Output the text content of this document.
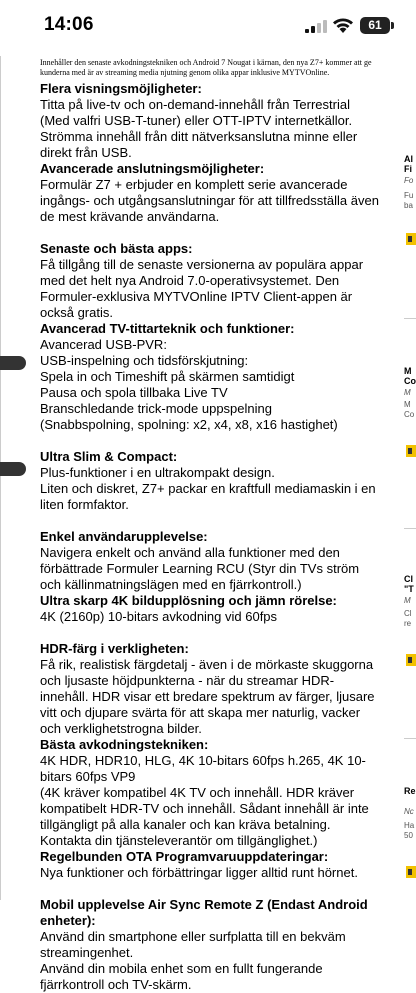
14:06	61

Innehåller den senaste avkodningstekniken och Android 7 Nougat i kärnan, den nya Z7+ kommer att ge kunderna med är av streaming media njutning genom olika appar inklusive MYTVOnline.

Flera visningsmöjligheter:

Titta på live-tv och on-demand-innehåll från Terrestrial (Med valfri USB-T-tuner) eller OTT-IPTV internetkällor. Strömma innehåll från ditt nätverksanslutna minne eller direkt från USB.

Avancerade anslutningsmöjligheter:

Formulär Z7 + erbjuder en komplett serie avancerade ingångs- och utgångsanslutningar för att tillfredsställa även de mest krävande användarna.

Senaste och bästa apps:

Få tillgång till de senaste versionerna av populära appar med det helt nya Android 7.0-operativsystemet. Den Formuler-exklusiva MYTVOnline IPTV Client-appen är också gratis.

Avancerad TV-tittarteknik och funktioner:

Avancerad USB-PVR:

USB-inspelning och tidsförskjutning:

Spela in och Timeshift på skärmen samtidigt

Pausa och spola tillbaka Live TV

Branschledande trick-mode uppspelning

(Snabbspolning, spolning: x2, x4, x8, x16 hastighet)

Ultra Slim & Compact:

Plus-funktioner i en ultrakompakt design.

Liten och diskret, Z7+ packar en kraftfull mediamaskin i en liten formfaktor.

Enkel användarupplevelse:

Navigera enkelt och använd alla funktioner med den förbättrade Formuler Learning RCU (Styr din TVs ström och källinmatningslägen med en fjärrkontroll.)

Ultra skarp 4K bildupplösning och jämn rörelse:

4K (2160p) 10-bitars avkodning vid 60fps

HDR-färg i verkligheten:

Få rik, realistisk färgdetalj - även i de mörkaste skuggorna och ljusaste höjdpunkterna - när du streamar HDR-innehåll. HDR visar ett bredare spektrum av färger, ljusare vitt och djupare svärta för att skapa mer naturlig, vacker och verklighetstrogna bilder.

Bästa avkodningstekniken:

4K HDR, HDR10, HLG, 4K 10-bitars 60fps h.265, 4K 10-bitars 60fps VP9

(4K kräver kompatibel 4K TV och innehåll. HDR kräver kompatibelt HDR-TV och innehåll. Sådant innehåll är inte tillgängligt på alla kanaler och kan kräva betalning. Kontakta din tjänsteleverantör om tillgänglighet.)

Regelbunden OTA Programvaruuppdateringar:

Nya funktioner och förbättringar ligger alltid runt hörnet.

Mobil upplevelse Air Sync Remote Z (Endast Android enheter):

Använd din smartphone eller surfplatta till en bekväm streamingenhet.

Använd din mobila enhet som en fullt fungerande fjärrkontroll och TV-skärm.

Al
Fi
Fo
Fu
ba
M
Co
M
M
Co
Cl
"T
M
Cl
re
Re
Nc
Ha
50
